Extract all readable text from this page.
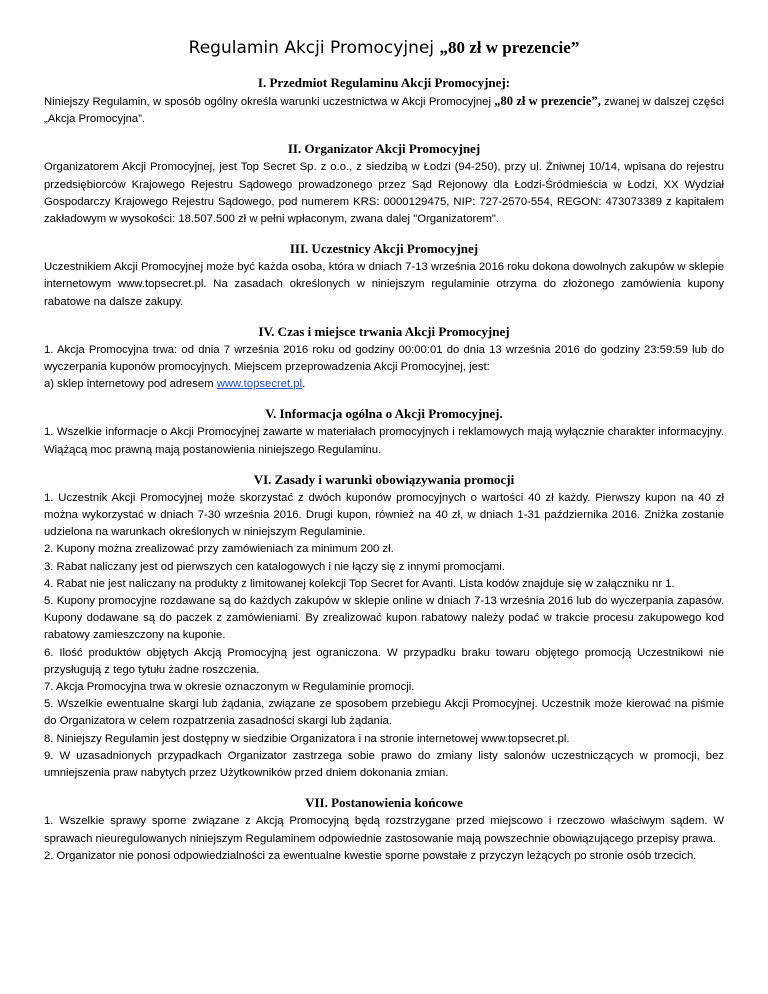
Regulamin Akcji Promocyjnej „80 zł w prezencie”
I. Przedmiot Regulaminu Akcji Promocyjnej:

Niniejszy Regulamin, w sposób ogólny określa warunki uczestnictwa w Akcji Promocyjnej „80 zł w prezencie”, zwanej w dalszej części „Akcja Promocyjna”.

II. Organizator Akcji Promocyjnej

Organizatorem Akcji Promocyjnej, jest Top Secret Sp. z o.o., z siedzibą w Łodzi (94-250), przy ul. Żniwnej 10/14, wpisana do rejestru przedsiębiorców Krajowego Rejestru Sądowego prowadzonego przez Sąd Rejonowy dla Łodzi-Śródmieścia w Łodzi, XX Wydział Gospodarczy Krajowego Rejestru Sądowego, pod numerem KRS: 0000129475, NIP: 727-2570-554, REGON: 473073389 z kapitałem zakładowym w wysokości: 18.507.500 zł w pełni wpłaconym, zwana dalej "Organizatorem".

III. Uczestnicy Akcji Promocyjnej

Uczestnikiem Akcji Promocyjnej może być każda osoba, która w dniach 7-13 września 2016 roku dokona dowolnych zakupów w sklepie internetowym www.topsecret.pl. Na zasadach określonych w niniejszym regulaminie otrzyma do złożonego zamówienia kupony rabatowe na dalsze zakupy.

IV. Czas i miejsce trwania Akcji Promocyjnej

1. Akcja Promocyjna trwa: od dnia 7 września 2016 roku od godziny 00:00:01 do dnia 13 września 2016 do godziny 23:59:59 lub do wyczerpania kuponów promocyjnych. Miejscem przeprowadzenia Akcji Promocyjnej, jest:

a) sklep internetowy pod adresem www.topsecret.pl.

V. Informacja ogólna o Akcji Promocyjnej.

1. Wszelkie informacje o Akcji Promocyjnej zawarte w materiałach promocyjnych i reklamowych mają wyłącznie charakter informacyjny. Wiążącą moc prawną mają postanowienia niniejszego Regulaminu.

VI. Zasady i warunki obowiązywania promocji

1. Uczestnik Akcji Promocyjnej może skorzystać z dwóch kuponów promocyjnych o wartości 40 zł każdy. Pierwszy kupon na 40 zł można wykorzystać w dniach 7-30 września 2016. Drugi kupon, również na 40 zł, w dniach 1-31 października 2016. Zniżka zostanie udzielona na warunkach określonych w niniejszym Regulaminie.

2. Kupony można zrealizować przy zamówieniach za minimum 200 zł.

3. Rabat naliczany jest od pierwszych cen katalogowych i nie łączy się z innymi promocjami.

4. Rabat nie jest naliczany na produkty z limitowanej kolekcji Top Secret for Avanti. Lista kodów znajduje się w załączniku nr 1.

5. Kupony promocyjne rozdawane są do każdych zakupów w sklepie online w dniach 7-13 września 2016 lub do wyczerpania zapasów. Kupony dodawane są do paczek z zamówieniami. By zrealizować kupon rabatowy należy podać w trakcie procesu zakupowego kod rabatowy zamieszczony na kuponie.

6. Ilość produktów objętych Akcją Promocyjną jest ograniczona. W przypadku braku towaru objętego promocją Uczestnikowi nie przysługują z tego tytułu żadne roszczenia.

7. Akcja Promocyjna trwa w okresie oznaczonym w Regulaminie promocji.

5. Wszelkie ewentualne skargi lub żądania, związane ze sposobem przebiegu Akcji Promocyjnej. Uczestnik może kierować na piśmie do Organizatora w celem rozpatrzenia zasadności skargi lub żądania.

8. Niniejszy Regulamin jest dostępny w siedzibie Organizatora i na stronie internetowej www.topsecret.pl.

9. W uzasadnionych przypadkach Organizator zastrzega sobie prawo do zmiany listy salonów uczestniczących w promocji, bez umniejszenia praw nabytych przez Użytkowników przed dniem dokonania zmian.

VII. Postanowienia końcowe

1. Wszelkie sprawy sporne związane z Akcją Promocyjną będą rozstrzygane przed miejscowo i rzeczowo właściwym sądem. W sprawach nieuregulowanych niniejszym Regulaminem odpowiednie zastosowanie mają powszechnie obowiązującego przepisy prawa.

2. Organizator nie ponosi odpowiedzialności za ewentualne kwestie sporne powstałe z przyczyn leżących po stronie osób trzecich.
